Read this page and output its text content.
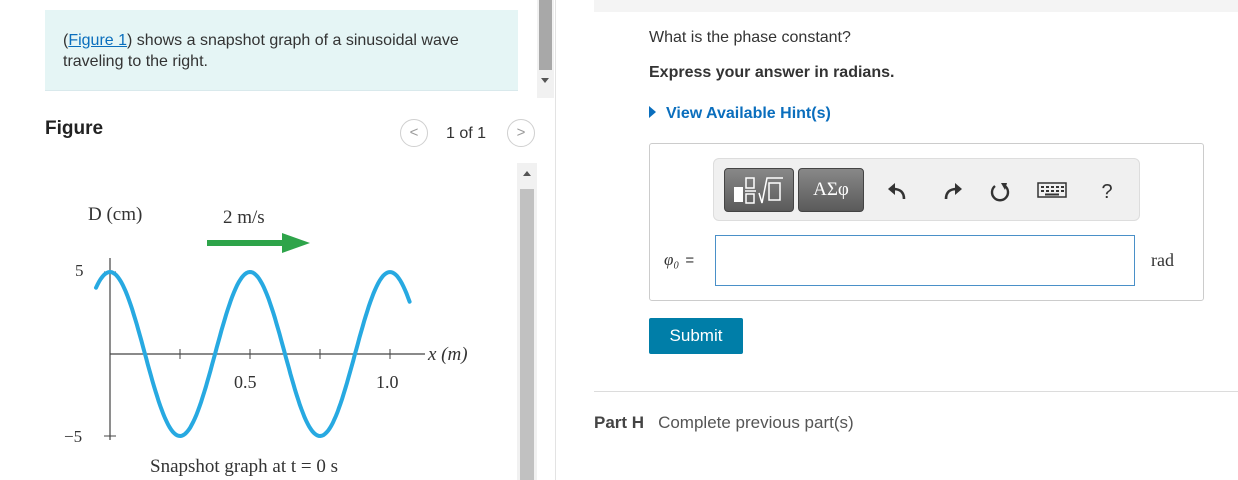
(Figure 1) shows a snapshot graph of a sinusoidal wave traveling to the right.
Figure	<	1 of 1	>
D (cm)	2 m/s
5
−5
0.5	1.0
x (m)
Snapshot graph at t = 0 s
What is the phase constant?
Express your answer in radians.
View Available Hint(s)
ΑΣφ	?
φ₀ =	rad
Submit
Part H Complete previous part(s)
